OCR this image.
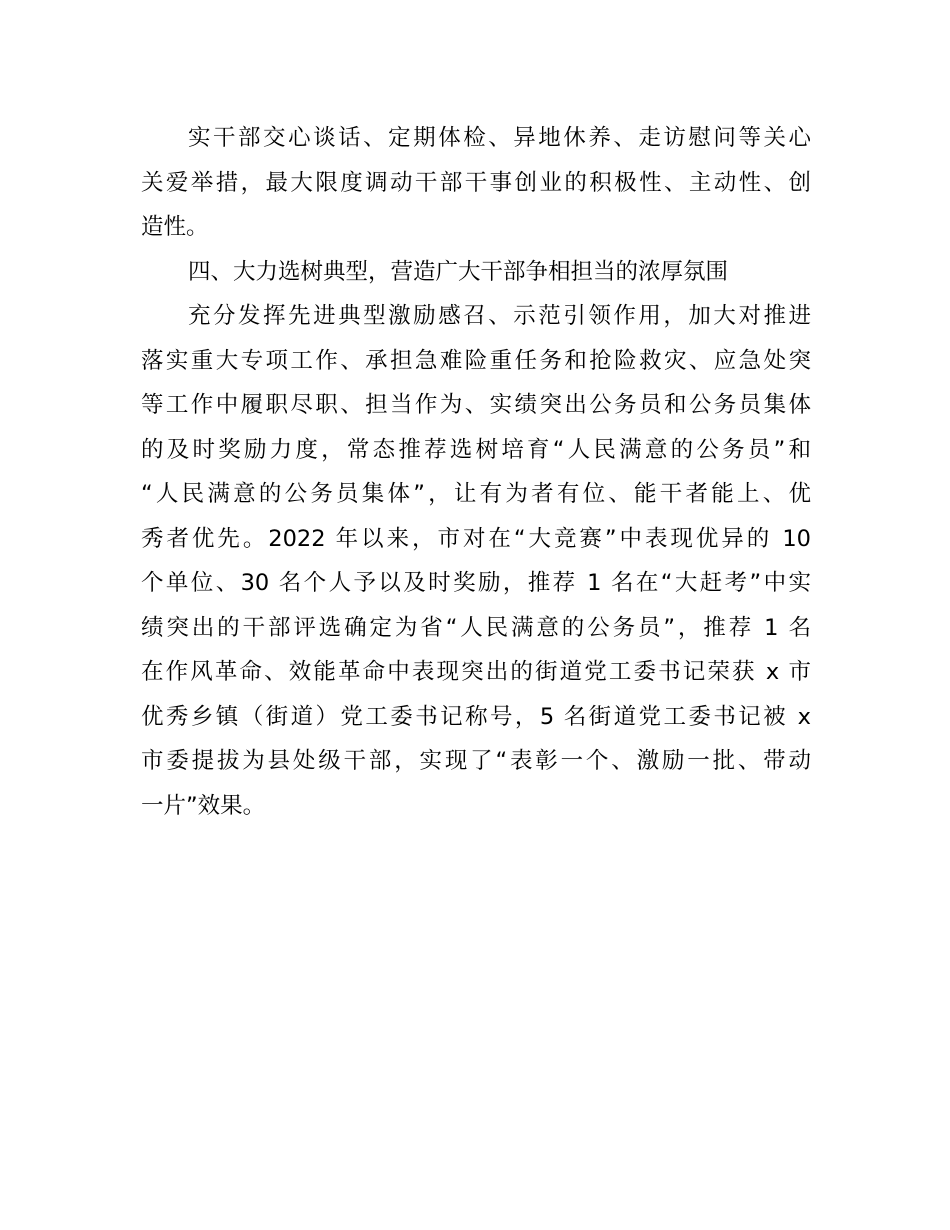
实干部交心谈话、定期体检、异地休养、走访慰问等关心
关爱举措，最大限度调动干部干事创业的积极性、主动性、创
造性。
四、大力选树典型，营造广大干部争相担当的浓厚氛围
充分发挥先进典型激励感召、示范引领作用，加大对推进
落实重大专项工作、承担急难险重任务和抢险救灾、应急处突
等工作中履职尽职、担当作为、实绩突出公务员和公务员集体
的及时奖励力度，常态推荐选树培育“人民满意的公务员”和
“人民满意的公务员集体”，让有为者有位、能干者能上、优
秀者优先。2022 年以来，市对在“大竞赛”中表现优异的 10
个单位、30 名个人予以及时奖励，推荐 1 名在“大赶考”中实
绩突出的干部评选确定为省“人民满意的公务员”，推荐 1 名
在作风革命、效能革命中表现突出的街道党工委书记荣获 x 市
优秀乡镇（街道）党工委书记称号，5 名街道党工委书记被 x
市委提拔为县处级干部，实现了“表彰一个、激励一批、带动
一片”效果。
